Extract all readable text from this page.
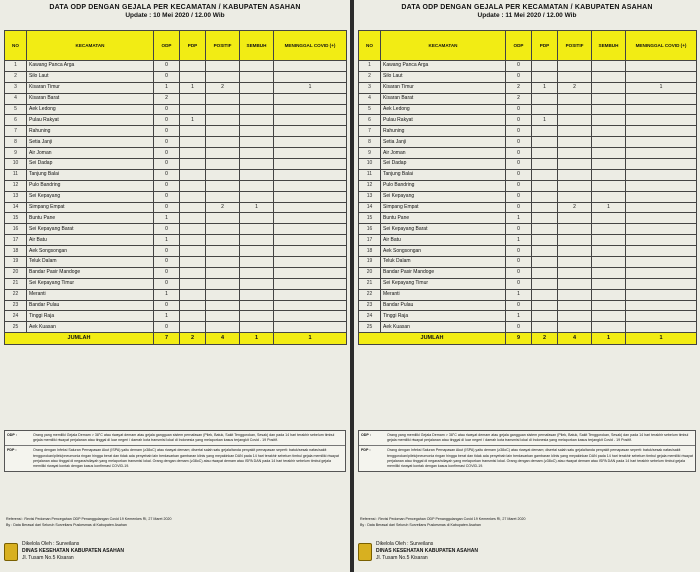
DATA ODP DENGAN GEJALA PER KECAMATAN / KABUPATEN ASAHAN
Update : 10 Mei 2020 / 12.00 Wib
NO	KECAMATAN	ODP	PDP	POSITIF	SEMBUH	MENINGGAL COVID (+)
1	Kawang Panca Arga	0				
2	Silo Laut	0				
3	Kisaran Timur	1	1	2		1
4	Kisaran Barat	2				
5	Aek Ledong	0				
6	Pulau Rakyat	0	1			
7	Rahuning	0				
8	Setia Janji	0				
9	Air Joman	0				
10	Sei Dadap	0				
11	Tanjung Balai	0				
12	Pulo Bandring	0				
13	Sei Kepayang	0				
14	Simpang Empat	0		2	1	
15	Buntu Pane	1				
16	Sei Kepayang Barat	0				
17	Air Batu	1				
18	Aek Songsongan	0				
19	Teluk Dalam	0				
20	Bandar Pasir Mandoge	0				
21	Sei Kepayang Timur	0				
22	Meranti	1				
23	Bandar Pulau	0				
24	Tinggi Raja	1				
25	Aek Kuasan	0				
JUMLAH		7	2	4	1	1
ODP :	Orang yang memiliki Gejala Demam > 38°C atau riwayat demam atau gejala gangguan sistem pernafasan (Pilek, Batuk, Sakit Tenggorokan, Sesak) dan pada 14 hari terakhir sebelum timbul gejala memiliki riwayat perjalanan atau tinggal di luar negeri / daerah kota transmisi lokal di Indonesia yang melaporkan kasus terjangkit Covid - 19 Positif.
PDP :	Orang dengan Infeksi Saluran Pernapasan Akut (ISPA) yaitu demam (≥38oC) atau riwayat demam; disertai salah satu gejala/tanda penyakit pernapasan seperti: batuk/sesak nafas/sakit tenggorokan/pilek/pneumonia ringan hingga berat dan tidak ada penyebab lain berdasarkan gambaran klinis yang meyakinkan DAN pada 14 hari terakhir sebelum timbul gejala memiliki riwayat perjalanan atau tinggal di negara/wilayah yang melaporkan transmisi lokal. Orang dengan demam (≥38oC) atau riwayat demam atau ISPA DAN pada 14 hari terakhir sebelum timbul gejala memiliki riwayat kontak dengan kasus konfirmasi COVID-19.
Referensi : Revisi Pedoman Pencegahan ODP Penanggulangan Covid 19 Kemenkes RI, 27 Maret 2020
By : Data Berasal dari Seluruh Surveilans Puskesmas di Kabupaten Asahan
Dikelola Oleh : Surveilans
DINAS KESEHATAN KABUPATEN ASAHAN
Jl. Tusam No.5 Kisaran
DATA ODP DENGAN GEJALA PER KECAMATAN / KABUPATEN ASAHAN
Update : 11 Mei 2020 / 12.00 Wib
NO	KECAMATAN	ODP	PDP	POSITIF	SEMBUH	MENINGGAL COVID (+)
1	Kawang Panca Arga	0				
2	Silo Laut	0				
3	Kisaran Timur	2	1	2		1
4	Kisaran Barat	2				
5	Aek Ledong	0				
6	Pulau Rakyat	0	1			
7	Rahuning	0				
8	Setia Janji	0				
9	Air Joman	0				
10	Sei Dadap	0				
11	Tanjung Balai	0				
12	Pulo Bandring	0				
13	Sei Kepayang	0				
14	Simpang Empat	0		2	1	
15	Buntu Pane	1				
16	Sei Kepayang Barat	0				
17	Air Batu	1				
18	Aek Songsongan	0				
19	Teluk Dalam	0				
20	Bandar Pasir Mandoge	0				
21	Sei Kepayang Timur	0				
22	Meranti	1				
23	Bandar Pulau	0				
24	Tinggi Raja	1				
25	Aek Kuasan	0				
JUMLAH		9	2	4	1	1
ODP :	Orang yang memiliki Gejala Demam > 38°C atau riwayat demam atau gejala gangguan sistem pernafasan (Pilek, Batuk, Sakit Tenggorokan, Sesak) dan pada 14 hari terakhir sebelum timbul gejala memiliki riwayat perjalanan atau tinggal di luar negeri / daerah kota transmisi lokal di Indonesia yang melaporkan kasus terjangkit Covid - 19 Positif.
PDP :	Orang dengan Infeksi Saluran Pernapasan Akut (ISPA) yaitu demam (≥38oC) atau riwayat demam; disertai salah satu gejala/tanda penyakit pernapasan seperti: batuk/sesak nafas/sakit tenggorokan/pilek/pneumonia ringan hingga berat dan tidak ada penyebab lain berdasarkan gambaran klinis yang meyakinkan DAN pada 14 hari terakhir sebelum timbul gejala memiliki riwayat perjalanan atau tinggal di negara/wilayah yang melaporkan transmisi lokal. Orang dengan demam (≥38oC) atau riwayat demam atau ISPA DAN pada 14 hari terakhir sebelum timbul gejala memiliki riwayat kontak dengan kasus konfirmasi COVID-19.
Referensi : Revisi Pedoman Pencegahan ODP Penanggulangan Covid 19 Kemenkes RI, 27 Maret 2020
By : Data Berasal dari Seluruh Surveilans Puskesmas di Kabupaten Asahan
Dikelola Oleh : Surveilans
DINAS KESEHATAN KABUPATEN ASAHAN
Jl. Tusam No.5 Kisaran
